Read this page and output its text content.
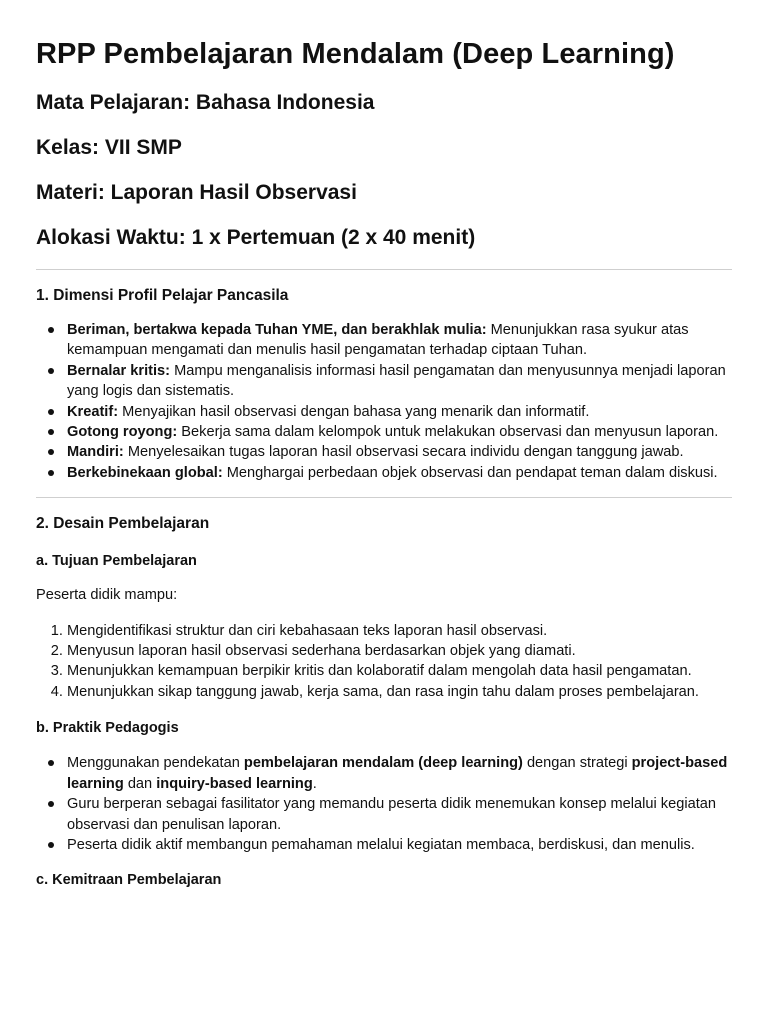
RPP Pembelajaran Mendalam (Deep Learning)
Mata Pelajaran: Bahasa Indonesia
Kelas: VII SMP
Materi: Laporan Hasil Observasi
Alokasi Waktu: 1 x Pertemuan (2 x 40 menit)
1. Dimensi Profil Pelajar Pancasila
Beriman, bertakwa kepada Tuhan YME, dan berakhlak mulia: Menunjukkan rasa syukur atas kemampuan mengamati dan menulis hasil pengamatan terhadap ciptaan Tuhan.
Bernalar kritis: Mampu menganalisis informasi hasil pengamatan dan menyusunnya menjadi laporan yang logis dan sistematis.
Kreatif: Menyajikan hasil observasi dengan bahasa yang menarik dan informatif.
Gotong royong: Bekerja sama dalam kelompok untuk melakukan observasi dan menyusun laporan.
Mandiri: Menyelesaikan tugas laporan hasil observasi secara individu dengan tanggung jawab.
Berkebinekaan global: Menghargai perbedaan objek observasi dan pendapat teman dalam diskusi.
2. Desain Pembelajaran
a. Tujuan Pembelajaran
Peserta didik mampu:
1. Mengidentifikasi struktur dan ciri kebahasaan teks laporan hasil observasi.
2. Menyusun laporan hasil observasi sederhana berdasarkan objek yang diamati.
3. Menunjukkan kemampuan berpikir kritis dan kolaboratif dalam mengolah data hasil pengamatan.
4. Menunjukkan sikap tanggung jawab, kerja sama, dan rasa ingin tahu dalam proses pembelajaran.
b. Praktik Pedagogis
Menggunakan pendekatan pembelajaran mendalam (deep learning) dengan strategi project-based learning dan inquiry-based learning.
Guru berperan sebagai fasilitator yang memandu peserta didik menemukan konsep melalui kegiatan observasi dan penulisan laporan.
Peserta didik aktif membangun pemahaman melalui kegiatan membaca, berdiskusi, dan menulis.
c. Kemitraan Pembelajaran
